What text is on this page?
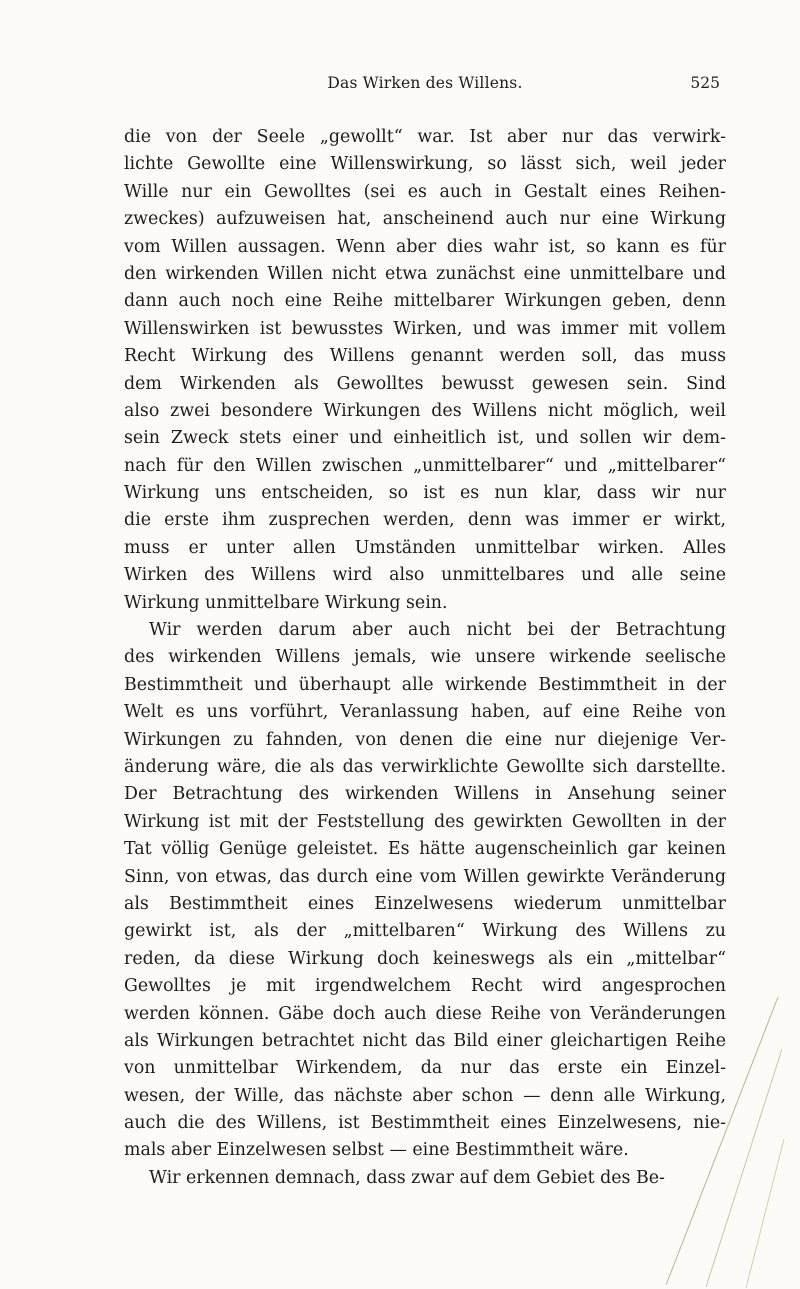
Das Wirken des Willens.	525
die von der Seele „gewollt“ war. Ist aber nur das verwirk-
lichte Gewollte eine Willenswirkung, so lässt sich, weil jeder
Wille nur ein Gewolltes (sei es auch in Gestalt eines Reihen-
zweckes) aufzuweisen hat, anscheinend auch nur eine Wirkung
vom Willen aussagen. Wenn aber dies wahr ist, so kann es für
den wirkenden Willen nicht etwa zunächst eine unmittelbare und
dann auch noch eine Reihe mittelbarer Wirkungen geben, denn
Willenswirken ist bewusstes Wirken, und was immer mit vollem
Recht Wirkung des Willens genannt werden soll, das muss
dem Wirkenden als Gewolltes bewusst gewesen sein. Sind
also zwei besondere Wirkungen des Willens nicht möglich, weil
sein Zweck stets einer und einheitlich ist, und sollen wir dem-
nach für den Willen zwischen „unmittelbarer“ und „mittelbarer“
Wirkung uns entscheiden, so ist es nun klar, dass wir nur
die erste ihm zusprechen werden, denn was immer er wirkt,
muss er unter allen Umständen unmittelbar wirken. Alles
Wirken des Willens wird also unmittelbares und alle seine
Wirkung unmittelbare Wirkung sein.
Wir werden darum aber auch nicht bei der Betrachtung
des wirkenden Willens jemals, wie unsere wirkende seelische
Bestimmtheit und überhaupt alle wirkende Bestimmtheit in der
Welt es uns vorführt, Veranlassung haben, auf eine Reihe von
Wirkungen zu fahnden, von denen die eine nur diejenige Ver-
änderung wäre, die als das verwirklichte Gewollte sich darstellte.
Der Betrachtung des wirkenden Willens in Ansehung seiner
Wirkung ist mit der Feststellung des gewirkten Gewollten in der
Tat völlig Genüge geleistet. Es hätte augenscheinlich gar keinen
Sinn, von etwas, das durch eine vom Willen gewirkte Veränderung
als Bestimmtheit eines Einzelwesens wiederum unmittelbar
gewirkt ist, als der „mittelbaren“ Wirkung des Willens zu
reden, da diese Wirkung doch keineswegs als ein „mittelbar“
Gewolltes je mit irgendwelchem Recht wird angesprochen
werden können. Gäbe doch auch diese Reihe von Veränderungen
als Wirkungen betrachtet nicht das Bild einer gleichartigen Reihe
von unmittelbar Wirkendem, da nur das erste ein Einzel-
wesen, der Wille, das nächste aber schon — denn alle Wirkung,
auch die des Willens, ist Bestimmtheit eines Einzelwesens, nie-
mals aber Einzelwesen selbst — eine Bestimmtheit wäre.
Wir erkennen demnach, dass zwar auf dem Gebiet des Be-
